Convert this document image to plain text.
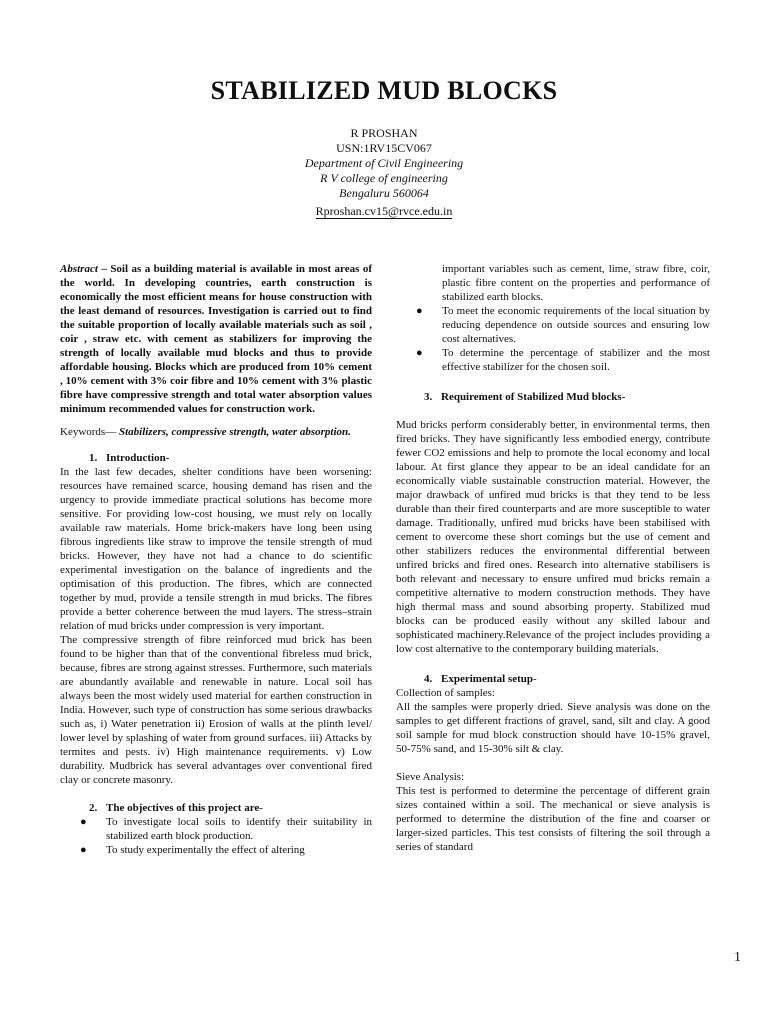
STABILIZED MUD BLOCKS
R PROSHAN
USN:1RV15CV067
Department of Civil Engineering
R V college of engineering
Bengaluru 560064
Rproshan.cv15@rvce.edu.in

Abstract – Soil as a building material is available in most areas of the world. In developing countries, earth construction is economically the most efficient means for house construction with the least demand of resources. Investigation is carried out to find the suitable proportion of locally available materials such as soil , coir , straw etc. with cement as stabilizers for improving the strength of locally available mud blocks and thus to provide affordable housing. Blocks which are produced from 10% cement , 10% cement with 3% coir fibre and 10% cement with 3% plastic fibre have compressive strength and total water absorption values minimum recommended values for construction work.

Keywords— Stabilizers, compressive strength, water absorption.

1. Introduction-

In the last few decades, shelter conditions have been worsening: resources have remained scarce, housing demand has risen and the urgency to provide immediate practical solutions has become more sensitive. For providing low-cost housing, we must rely on locally available raw materials. Home brick-makers have long been using fibrous ingredients like straw to improve the tensile strength of mud bricks. However, they have not had a chance to do scientific experimental investigation on the balance of ingredients and the optimisation of this production. The fibres, which are connected together by mud, provide a tensile strength in mud bricks. The fibres provide a better coherence between the mud layers. The stress–strain relation of mud bricks under compression is very important.

The compressive strength of fibre reinforced mud brick has been found to be higher than that of the conventional fibreless mud brick, because, fibres are strong against stresses. Furthermore, such materials are abundantly available and renewable in nature. Local soil has always been the most widely used material for earthen construction in India. However, such type of construction has some serious drawbacks such as, i) Water penetration ii) Erosion of walls at the plinth level/ lower level by splashing of water from ground surfaces. iii) Attacks by termites and pests. iv) High maintenance requirements. v) Low durability. Mudbrick has several advantages over conventional fired clay or concrete masonry.

2. The objectives of this project are-
● To investigate local soils to identify their suitability in stabilized earth block production.
● To study experimentally the effect of altering
important variables such as cement, lime, straw fibre, coir, plastic fibre content on the properties and performance of stabilized earth blocks.
● To meet the economic requirements of the local situation by reducing dependence on outside sources and ensuring low cost alternatives.
● To determine the percentage of stabilizer and the most effective stabilizer for the chosen soil.
3. Requirement of Stabilized Mud blocks-

Mud bricks perform considerably better, in environmental terms, then fired bricks. They have significantly less embodied energy, contribute fewer CO2 emissions and help to promote the local economy and local labour. At first glance they appear to be an ideal candidate for an economically viable sustainable construction material. However, the major drawback of unfired mud bricks is that they tend to be less durable than their fired counterparts and are more susceptible to water damage. Traditionally, unfired mud bricks have been stabilised with cement to overcome these short comings but the use of cement and other stabilizers reduces the environmental differential between unfired bricks and fired ones. Research into alternative stabilisers is both relevant and necessary to ensure unfired mud bricks remain a competitive alternative to modern construction methods. They have high thermal mass and sound absorbing property. Stabilized mud blocks can be produced easily without any skilled labour and sophisticated machinery.Relevance of the project includes providing a low cost alternative to the contemporary building materials.

4. Experimental setup-

Collection of samples:

All the samples were properly dried. Sieve analysis was done on the samples to get different fractions of gravel, sand, silt and clay. A good soil sample for mud block construction should have 10-15% gravel, 50-75% sand, and 15-30% silt & clay.

Sieve Analysis:

This test is performed to determine the percentage of different grain sizes contained within a soil. The mechanical or sieve analysis is performed to determine the distribution of the fine and coarser or larger-sized particles. This test consists of filtering the soil through a series of standard

1
